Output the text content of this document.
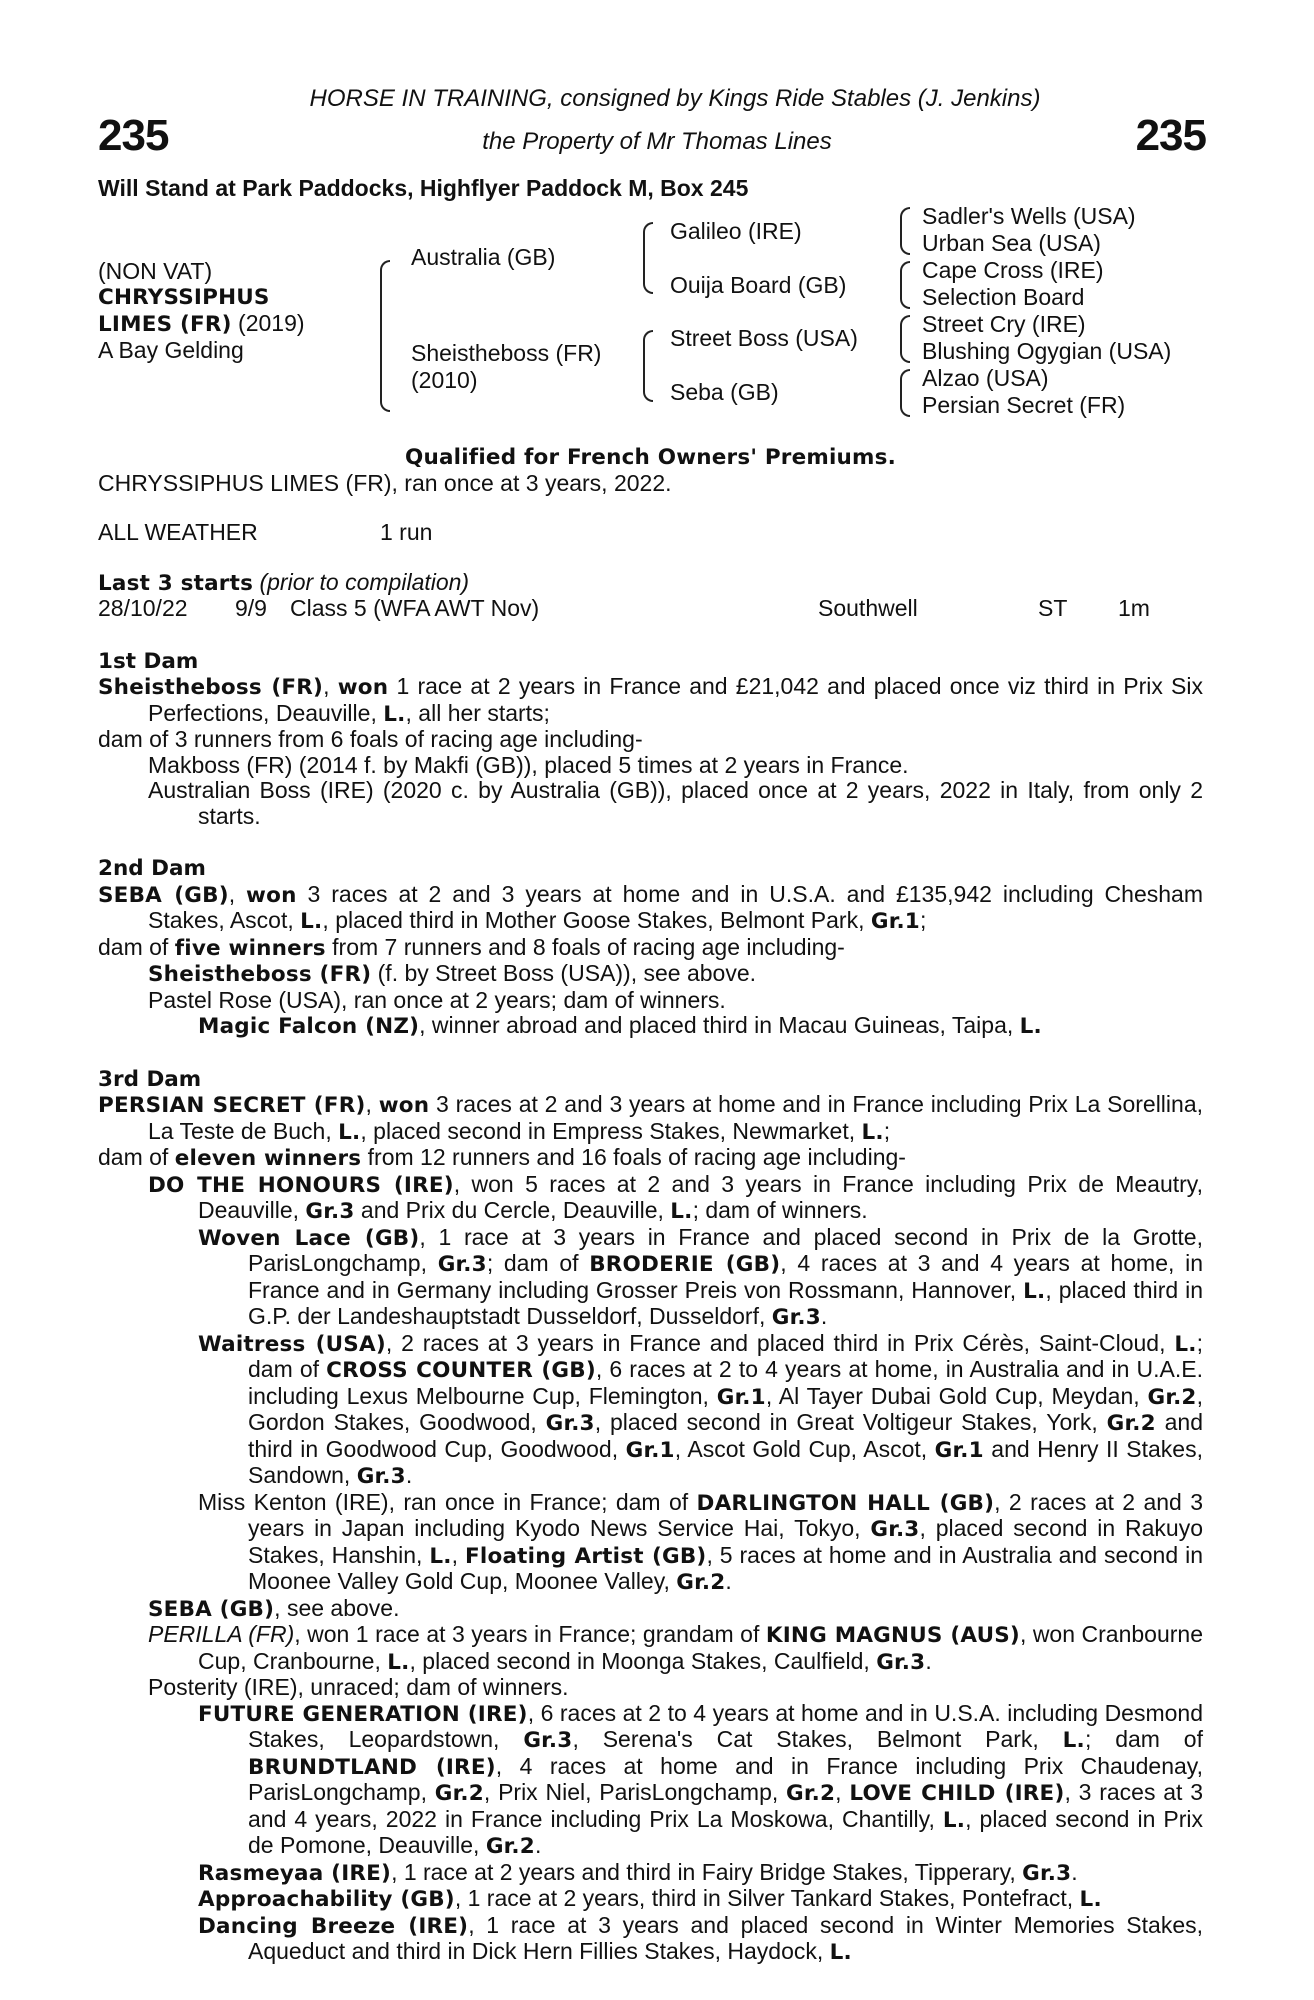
235	235
HORSE IN TRAINING, consigned by Kings Ride Stables (J. Jenkins)
the Property of Mr Thomas Lines
Will Stand at Park Paddocks, Highflyer Paddock M, Box 245
(NON VAT)
CHRYSSIPHUS
LIMES (FR) (2019)
A Bay Gelding
Australia (GB)
Sheistheboss (FR)
(2010)
Galileo (IRE)
Ouija Board (GB)
Street Boss (USA)
Seba (GB)
Sadler's Wells (USA)
Urban Sea (USA)
Cape Cross (IRE)
Selection Board
Street Cry (IRE)
Blushing Ogygian (USA)
Alzao (USA)
Persian Secret (FR)

Qualified for French Owners' Premiums.

CHRYSSIPHUS LIMES (FR), ran once at 3 years, 2022.

ALL WEATHER	1 run

Last 3 starts (prior to compilation)

28/10/22 9/9 Class 5 (WFA AWT Nov)	Southwell	ST 1m

1st Dam

Sheistheboss (FR), won 1 race at 2 years in France and £21,042 and placed once viz third in Prix Six Perfections, Deauville, L., all her starts;

dam of 3 runners from 6 foals of racing age including-

Makboss (FR) (2014 f. by Makfi (GB)), placed 5 times at 2 years in France.

Australian Boss (IRE) (2020 c. by Australia (GB)), placed once at 2 years, 2022 in Italy, from only 2 starts.

2nd Dam

SEBA (GB), won 3 races at 2 and 3 years at home and in U.S.A. and £135,942 including Chesham Stakes, Ascot, L., placed third in Mother Goose Stakes, Belmont Park, Gr.1;

dam of five winners from 7 runners and 8 foals of racing age including-

Sheistheboss (FR) (f. by Street Boss (USA)), see above.

Pastel Rose (USA), ran once at 2 years; dam of winners.

Magic Falcon (NZ), winner abroad and placed third in Macau Guineas, Taipa, L.

3rd Dam

PERSIAN SECRET (FR), won 3 races at 2 and 3 years at home and in France including Prix La Sorellina, La Teste de Buch, L., placed second in Empress Stakes, Newmarket, L.;

dam of eleven winners from 12 runners and 16 foals of racing age including-

DO THE HONOURS (IRE), won 5 races at 2 and 3 years in France including Prix de Meautry, Deauville, Gr.3 and Prix du Cercle, Deauville, L.; dam of winners.

Woven Lace (GB), 1 race at 3 years in France and placed second in Prix de la Grotte, ParisLongchamp, Gr.3; dam of BRODERIE (GB), 4 races at 3 and 4 years at home, in France and in Germany including Grosser Preis von Rossmann, Hannover, L., placed third in G.P. der Landeshauptstadt Dusseldorf, Dusseldorf, Gr.3.

Waitress (USA), 2 races at 3 years in France and placed third in Prix Cérès, Saint-Cloud, L.; dam of CROSS COUNTER (GB), 6 races at 2 to 4 years at home, in Australia and in U.A.E. including Lexus Melbourne Cup, Flemington, Gr.1, Al Tayer Dubai Gold Cup, Meydan, Gr.2, Gordon Stakes, Goodwood, Gr.3, placed second in Great Voltigeur Stakes, York, Gr.2 and third in Goodwood Cup, Goodwood, Gr.1, Ascot Gold Cup, Ascot, Gr.1 and Henry II Stakes, Sandown, Gr.3.

Miss Kenton (IRE), ran once in France; dam of DARLINGTON HALL (GB), 2 races at 2 and 3 years in Japan including Kyodo News Service Hai, Tokyo, Gr.3, placed second in Rakuyo Stakes, Hanshin, L., Floating Artist (GB), 5 races at home and in Australia and second in Moonee Valley Gold Cup, Moonee Valley, Gr.2.

SEBA (GB), see above.

PERILLA (FR), won 1 race at 3 years in France; grandam of KING MAGNUS (AUS), won Cranbourne Cup, Cranbourne, L., placed second in Moonga Stakes, Caulfield, Gr.3.

Posterity (IRE), unraced; dam of winners.

FUTURE GENERATION (IRE), 6 races at 2 to 4 years at home and in U.S.A. including Desmond Stakes, Leopardstown, Gr.3, Serena's Cat Stakes, Belmont Park, L.; dam of BRUNDTLAND (IRE), 4 races at home and in France including Prix Chaudenay, ParisLongchamp, Gr.2, Prix Niel, ParisLongchamp, Gr.2, LOVE CHILD (IRE), 3 races at 3 and 4 years, 2022 in France including Prix La Moskowa, Chantilly, L., placed second in Prix de Pomone, Deauville, Gr.2.

Rasmeyaa (IRE), 1 race at 2 years and third in Fairy Bridge Stakes, Tipperary, Gr.3.

Approachability (GB), 1 race at 2 years, third in Silver Tankard Stakes, Pontefract, L.

Dancing Breeze (IRE), 1 race at 3 years and placed second in Winter Memories Stakes, Aqueduct and third in Dick Hern Fillies Stakes, Haydock, L.
